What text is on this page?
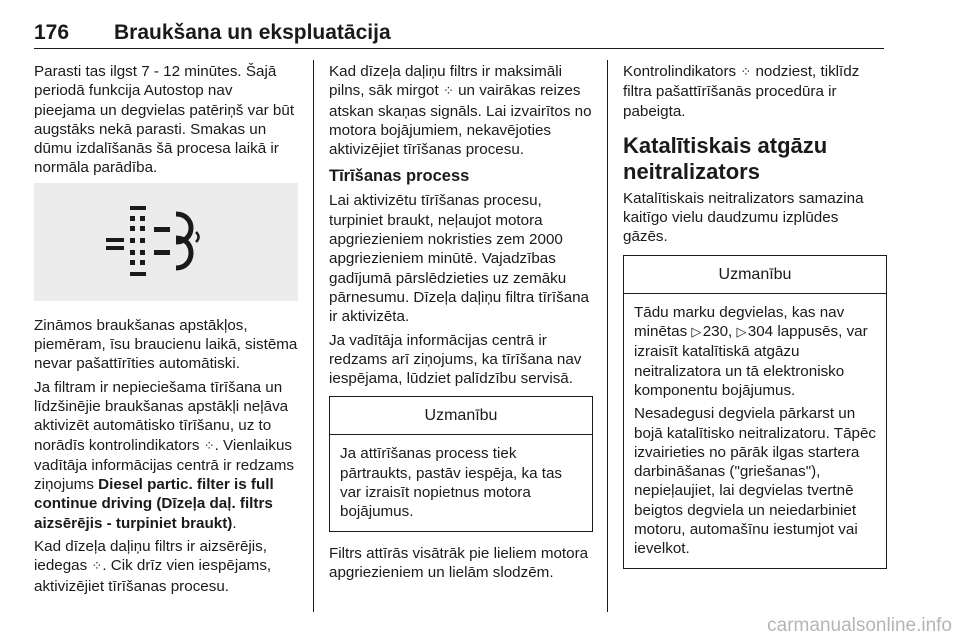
176 Braukšana un ekspluatācija

Parasti tas ilgst 7 - 12 minūtes. Šajā periodā funkcija Autostop nav pieejama un degvielas patēriņš var būt augstāks nekā parasti. Smakas un dūmu izdalīšanās šā procesa laikā ir normāla parādība.

Zināmos braukšanas apstākļos, piemēram, īsu braucienu laikā, sistēma nevar pašattīrīties automātiski.

Ja filtram ir nepieciešama tīrīšana un līdzšinējie braukšanas apstākļi neļāva aktivizēt automātisko tīrīšanu, uz to norādīs kontrolindikators ⁘. Vienlaikus vadītāja informācijas centrā ir redzams ziņojums Diesel partic. filter is full continue driving (Dīzeļa daļ. filtrs aizsērējis - turpiniet braukt).

Kad dīzeļa daļiņu filtrs ir aizsērējis, iedegas ⁘. Cik drīz vien iespējams, aktivizējiet tīrīšanas procesu.

Kad dīzeļa daļiņu filtrs ir maksimāli pilns, sāk mirgot ⁘ un vairākas reizes atskan skaņas signāls. Lai izvairītos no motora bojājumiem, nekavējoties aktivizējiet tīrīšanas procesu.

Tīrīšanas process

Lai aktivizētu tīrīšanas procesu, turpiniet braukt, neļaujot motora apgriezieniem nokristies zem 2000 apgriezieniem minūtē. Vajadzības gadījumā pārslēdzieties uz zemāku pārnesumu. Dīzeļa daļiņu filtra tīrīšana ir aktivizēta.

Ja vadītāja informācijas centrā ir redzams arī ziņojums, ka tīrīšana nav iespējama, lūdziet palīdzību servisā.

Uzmanību

Ja attīrīšanas process tiek pārtraukts, pastāv iespēja, ka tas var izraisīt nopietnus motora bojājumus.

Filtrs attīrās visātrāk pie lieliem motora apgriezieniem un lielām slodzēm.

Kontrolindikators ⁘ nodziest, tiklīdz filtra pašattīrīšanās procedūra ir pabeigta.

Katalītiskais atgāzu neitralizators

Katalītiskais neitralizators samazina kaitīgo vielu daudzumu izplūdes gāzēs.

Uzmanību

Tādu marku degvielas, kas nav minētas ▷ 230, ▷ 304 lappusēs, var izraisīt katalītiskā atgāzu neitralizatora un tā elektronisko komponentu bojājumus.

Nesadegusi degviela pārkarst un bojā katalītisko neitralizatoru. Tāpēc izvairieties no pārāk ilgas startera darbināšanas ("griešanas"), nepieļaujiet, lai degvielas tvertnē beigtos degviela un neiedarbiniet motoru, automašīnu iestumjot vai ievelkot.

carmanualsonline.info
